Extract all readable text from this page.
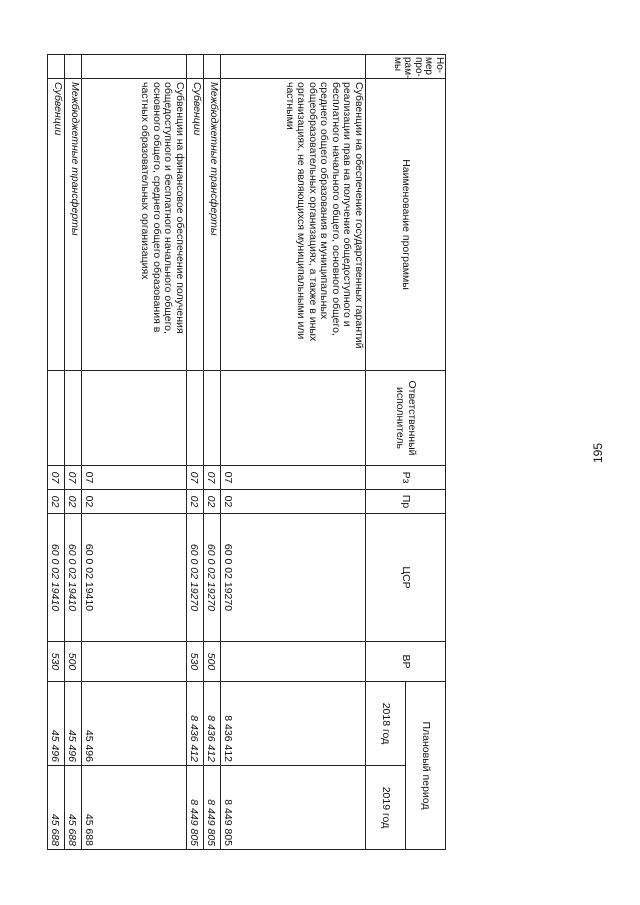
195
Но- мер про- рам- мы	Наименование программы	Ответственный исполнитель	Рз	Пр	ЦСР	ВР	Плановый период	
							2018 год	2019 год
	Субвенции на обеспечение государственных гарантий реализации прав на получение общедоступного и бесплатного начального общего, основного общего, среднего общего образования в муниципальных общеобразовательных организациях, а также в иных организациях, не являющихся муниципальными или частными		07	02	60 0 02 19270		8 436 412	8 449 805
	Межбюджетные трансферты		07	02	60 0 02 19270	500	8 436 412	8 449 805
	Субвенции		07	02	60 0 02 19270	530	8 436 412	8 449 805
	Субвенции на финансовое обеспечение получения общедоступного и бесплатного начального общего, основного общего, среднего общего образования в частных образовательных организациях		07	02	60 0 02 19410		45 496	45 688
	Межбюджетные трансферты		07	02	60 0 02 19410	500	45 496	45 688
	Субвенции		07	02	60 0 02 19410	530	45 496	45 688
